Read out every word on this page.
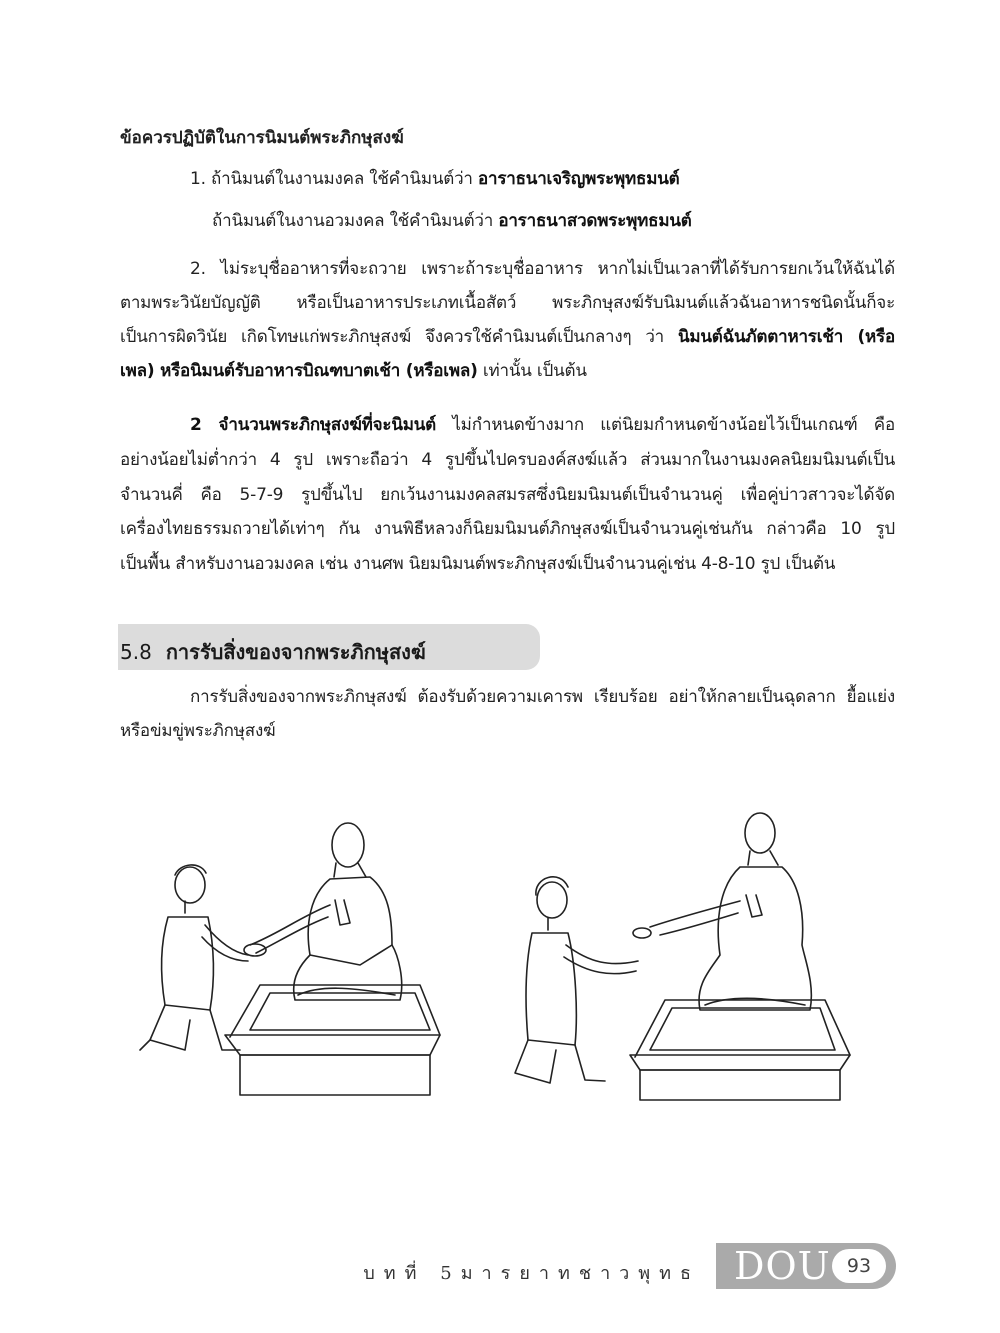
ข้อควรปฏิบัติในการนิมนต์พระภิกษุสงฆ์
1. ถ้านิมนต์ในงานมงคล ใช้คำนิมนต์ว่า อาราธนาเจริญพระพุทธมนต์
ถ้านิมนต์ในงานอวมงคล ใช้คำนิมนต์ว่า อาราธนาสวดพระพุทธมนต์
2. ไม่ระบุชื่ออาหารที่จะถวาย เพราะถ้าระบุชื่ออาหาร หากไม่เป็นเวลาที่ได้รับการยกเว้นให้ฉันได้
ตามพระวินัยบัญญัติ หรือเป็นอาหารประเภทเนื้อสัตว์ พระภิกษุสงฆ์รับนิมนต์แล้วฉันอาหารชนิดนั้นก็จะ
เป็นการผิดวินัย เกิดโทษแก่พระภิกษุสงฆ์ จึงควรใช้คำนิมนต์เป็นกลางๆ ว่า นิมนต์ฉันภัตตาหารเช้า (หรือ
เพล) หรือนิมนต์รับอาหารบิณฑบาตเช้า (หรือเพล) เท่านั้น เป็นต้น
2 จำนวนพระภิกษุสงฆ์ที่จะนิมนต์ ไม่กำหนดข้างมาก แต่นิยมกำหนดข้างน้อยไว้เป็นเกณฑ์ คือ
อย่างน้อยไม่ต่ำกว่า 4 รูป เพราะถือว่า 4 รูปขึ้นไปครบองค์สงฆ์แล้ว ส่วนมากในงานมงคลนิยมนิมนต์เป็น
จำนวนคี่ คือ 5-7-9 รูปขึ้นไป ยกเว้นงานมงคลสมรสซึ่งนิยมนิมนต์เป็นจำนวนคู่ เพื่อคู่บ่าวสาวจะได้จัด
เครื่องไทยธรรมถวายได้เท่าๆ กัน งานพิธีหลวงก็นิยมนิมนต์ภิกษุสงฆ์เป็นจำนวนคู่เช่นกัน กล่าวคือ 10 รูป
เป็นพื้น สำหรับงานอวมงคล เช่น งานศพ นิยมนิมนต์พระภิกษุสงฆ์เป็นจำนวนคู่เช่น 4-8-10 รูป เป็นต้น
5.8 การรับสิ่งของจากพระภิกษุสงฆ์
การรับสิ่งของจากพระภิกษุสงฆ์ ต้องรับด้วยความเคารพ เรียบร้อย อย่าให้กลายเป็นฉุดลาก ยื้อแย่ง
หรือข่มขู่พระภิกษุสงฆ์
บทที่ 5มารยาทชาวพุทธ DOU 93
